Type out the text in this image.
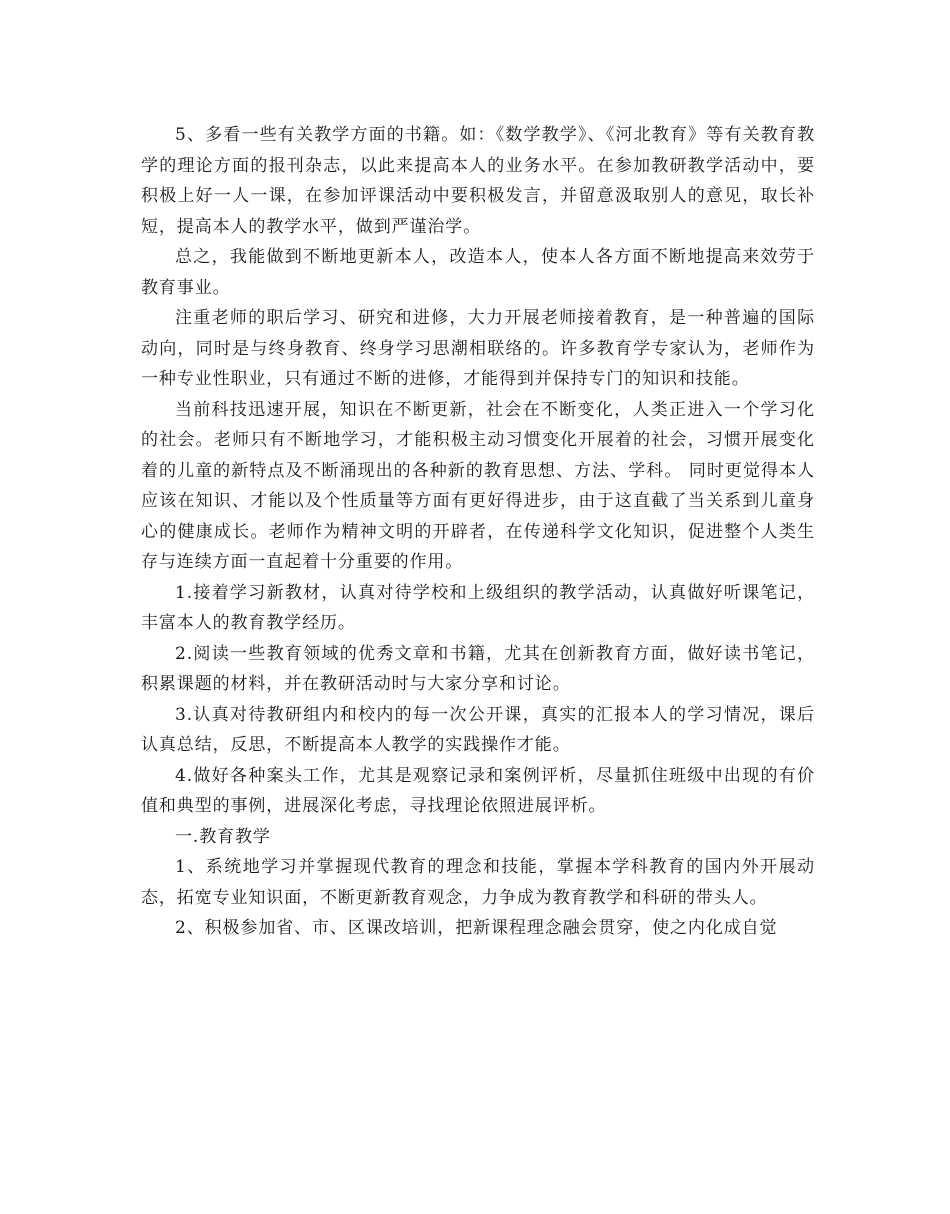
5、多看一些有关教学方面的书籍。如：《数学教学》、《河北教育》等有关教育教学的理论方面的报刊杂志，以此来提高本人的业务水平。在参加教研教学活动中，要积极上好一人一课，在参加评课活动中要积极发言，并留意汲取别人的意见，取长补短，提高本人的教学水平，做到严谨治学。

总之，我能做到不断地更新本人，改造本人，使本人各方面不断地提高来效劳于教育事业。

注重老师的职后学习、研究和进修，大力开展老师接着教育，是一种普遍的国际动向，同时是与终身教育、终身学习思潮相联络的。许多教育学专家认为，老师作为一种专业性职业，只有通过不断的进修，才能得到并保持专门的知识和技能。

当前科技迅速开展，知识在不断更新，社会在不断变化，人类正进入一个学习化的社会。老师只有不断地学习，才能积极主动习惯变化开展着的社会，习惯开展变化着的儿童的新特点及不断涌现出的各种新的教育思想、方法、学科。 同时更觉得本人应该在知识、才能以及个性质量等方面有更好得进步，由于这直截了当关系到儿童身心的健康成长。老师作为精神文明的开辟者，在传递科学文化知识，促进整个人类生存与连续方面一直起着十分重要的作用。

1.接着学习新教材，认真对待学校和上级组织的教学活动，认真做好听课笔记，丰富本人的教育教学经历。

2.阅读一些教育领域的优秀文章和书籍，尤其在创新教育方面，做好读书笔记，积累课题的材料，并在教研活动时与大家分享和讨论。

3.认真对待教研组内和校内的每一次公开课，真实的汇报本人的学习情况，课后认真总结，反思，不断提高本人教学的实践操作才能。

4.做好各种案头工作，尤其是观察记录和案例评析，尽量抓住班级中出现的有价值和典型的事例，进展深化考虑，寻找理论依照进展评析。

一.教育教学

1、系统地学习并掌握现代教育的理念和技能，掌握本学科教育的国内外开展动态，拓宽专业知识面，不断更新教育观念，力争成为教育教学和科研的带头人。

2、积极参加省、市、区课改培训，把新课程理念融会贯穿，使之内化成自觉
